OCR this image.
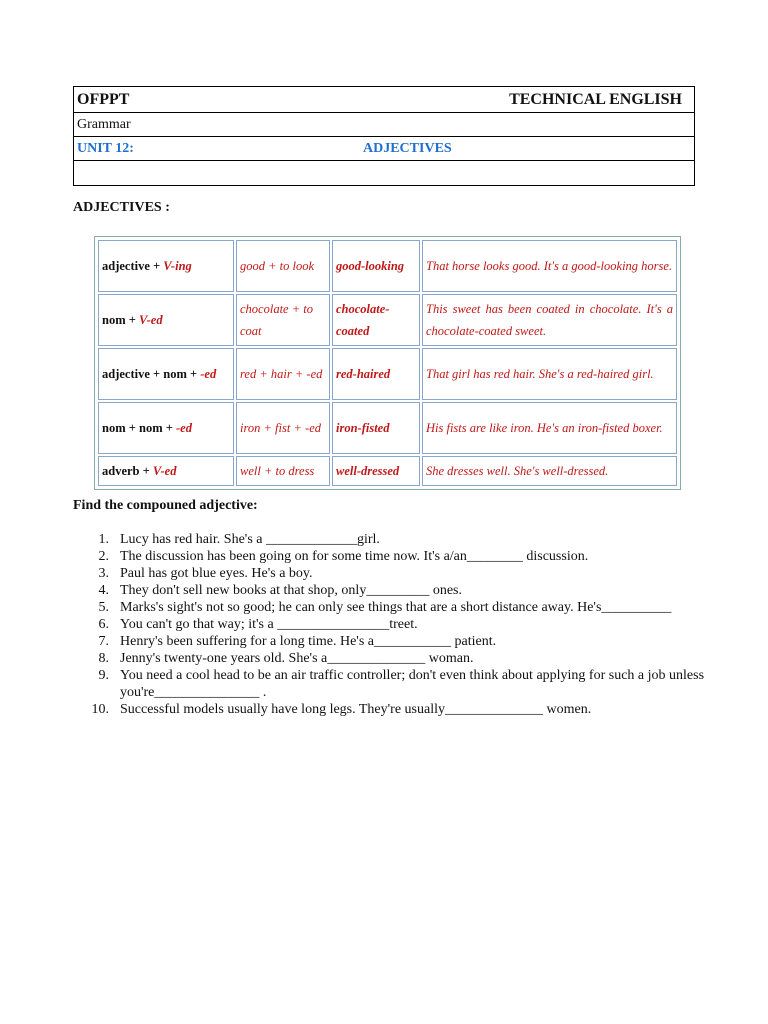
OFPPT	TECHNICAL ENGLISH
Grammar
UNIT 12:	ADJECTIVES
ADJECTIVES :
adjective + V-ing	good + to look	good-looking	That horse looks good. It's a good-looking horse.
nom + V-ed	chocolate + to coat	chocolate-coated	This sweet has been coated in chocolate. It's a chocolate-coated sweet.
adjective + nom + -ed	red + hair + -ed	red-haired	That girl has red hair. She's a red-haired girl.
nom + nom + -ed	iron + fist + -ed	iron-fisted	His fists are like iron. He's an iron-fisted boxer.
adverb + V-ed	well + to dress	well-dressed	She dresses well. She's well-dressed.
Find the compouned adjective:
1. Lucy has red hair. She's a _____________girl.
2. The discussion has been going on for some time now. It's a/an________ discussion.
3. Paul has got blue eyes. He's a boy.
4. They don't sell new books at that shop, only_________ ones.
5. Marks's sight's not so good; he can only see things that are a short distance away. He's__________
6. You can't go that way; it's a ________________treet.
7. Henry's been suffering for a long time. He's a___________ patient.
8. Jenny's twenty-one years old. She's a______________ woman.
9. You need a cool head to be an air traffic controller; don't even think about applying for such a job unless you're_______________ .
10. Successful models usually have long legs. They're usually______________ women.
